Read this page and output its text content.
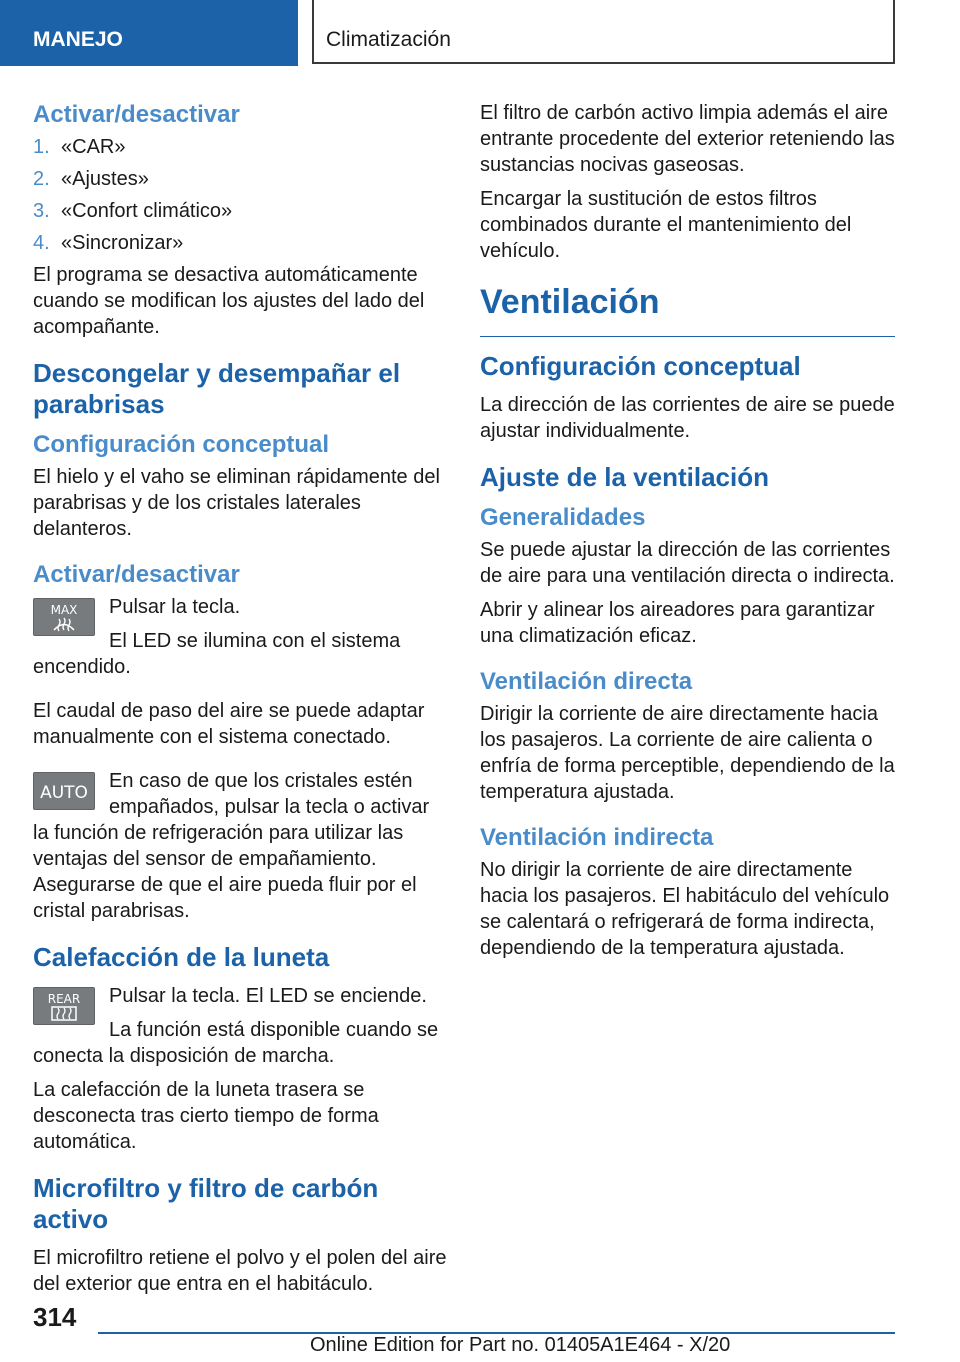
MANEJO	Climatización
Activar/desactivar
1. «CAR»
2. «Ajustes»
3. «Confort climático»
4. «Sincronizar»

El programa se desactiva automáticamente cuando se modifican los ajustes del lado del acompañante.

Descongelar y desempañar el parabrisas
Configuración conceptual

El hielo y el vaho se eliminan rápidamente del parabrisas y de los cristales laterales delanteros.

Activar/desactivar
MAX	Pulsar la tecla.

El LED se ilumina con el sistema encendido.

El caudal de paso del aire se puede adaptar manualmente con el sistema conectado.

AUTO

En caso de que los cristales estén empañados, pulsar la tecla o activar la función de refrigeración para utilizar las ventajas del sensor de empañamiento. Asegurarse de que el aire pueda fluir por el cristal parabrisas.

Calefacción de la luneta
REAR	Pulsar la tecla. El LED se enciende.

La función está disponible cuando se conecta la disposición de marcha.

La calefacción de la luneta trasera se desconecta tras cierto tiempo de forma automática.

Microfiltro y filtro de carbón activo

El microfiltro retiene el polvo y el polen del aire del exterior que entra en el habitáculo.

El filtro de carbón activo limpia además el aire entrante procedente del exterior reteniendo las sustancias nocivas gaseosas.

Encargar la sustitución de estos filtros combinados durante el mantenimiento del vehículo.

Ventilación
Configuración conceptual

La dirección de las corrientes de aire se puede ajustar individualmente.

Ajuste de la ventilación
Generalidades

Se puede ajustar la dirección de las corrientes de aire para una ventilación directa o indirecta.

Abrir y alinear los aireadores para garantizar una climatización eficaz.

Ventilación directa

Dirigir la corriente de aire directamente hacia los pasajeros. La corriente de aire calienta o enfría de forma perceptible, dependiendo de la temperatura ajustada.

Ventilación indirecta

No dirigir la corriente de aire directamente hacia los pasajeros. El habitáculo del vehículo se calentará o refrigerará de forma indirecta, dependiendo de la temperatura ajustada.

314
Online Edition for Part no. 01405A1E464 - X/20
